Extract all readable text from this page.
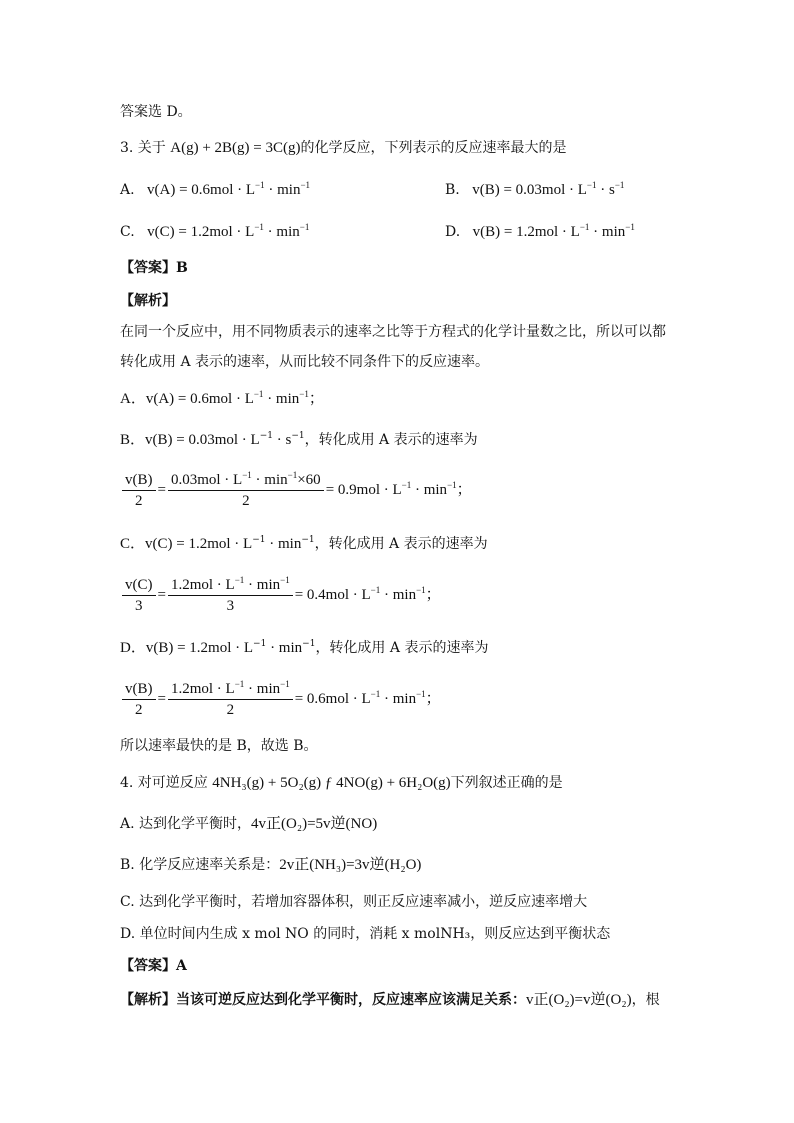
答案选 D。
3. 关于 A(g) + 2B(g) = 3C(g)的化学反应，下列表示的反应速率最大的是
A. $v(A) = 0.6mol \cdot L^{-1} \cdot \min^{-1}$	B. $v(B) = 0.03mol \cdot L^{-1} \cdot s^{-1}$
C. $v(C) = 1.2mol \cdot L^{-1} \cdot \min^{-1}$	D. $v(B) = 1.2mol \cdot L^{-1} \cdot \min^{-1}$
【答案】B
【解析】
在同一个反应中，用不同物质表示的速率之比等于方程式的化学计量数之比，所以可以都
转化成用 A 表示的速率，从而比较不同条件下的反应速率。
A．$v(A) = 0.6mol \cdot L^{-1} \cdot \min^{-1}$；
B．$v(B) = 0.03mol \cdot L^{-1} \cdot s^{-1}$，转化成用 A 表示的速率为
$\frac{v(B)}{2} = \frac{0.03mol \cdot L^{-1} \cdot \min^{-1}\times 60}{2} = 0.9mol \cdot L^{-1} \cdot \min^{-1}$；
C．$v(C) = 1.2mol \cdot L^{-1} \cdot \min^{-1}$，转化成用 A 表示的速率为
$\frac{v(C)}{3} = \frac{1.2mol \cdot L^{-1} \cdot \min^{-1}}{3} = 0.4mol \cdot L^{-1} \cdot \min^{-1}$；
D．$v(B) = 1.2mol \cdot L^{-1} \cdot \min^{-1}$，转化成用 A 表示的速率为
$\frac{v(B)}{2} = \frac{1.2mol \cdot L^{-1} \cdot \min^{-1}}{2} = 0.6mol \cdot L^{-1} \cdot \min^{-1}$；
所以速率最快的是 B，故选 B。
4. 对可逆反应 4NH₃(g) + 5O₂(g) ƒ 4NO(g) + 6H₂O(g)下列叙述正确的是
A. 达到化学平衡时，4v正(O₂)=5v逆(NO)
B. 化学反应速率关系是：2v正(NH₃)=3v逆(H₂O)
C. 达到化学平衡时，若增加容器体积，则正反应速率减小，逆反应速率增大
D. 单位时间内生成 x mol NO 的同时，消耗 x molNH₃，则反应达到平衡状态
【答案】A
【解析】当该可逆反应达到化学平衡时，反应速率应该满足关系：v正(O₂)=v逆(O₂)，根
